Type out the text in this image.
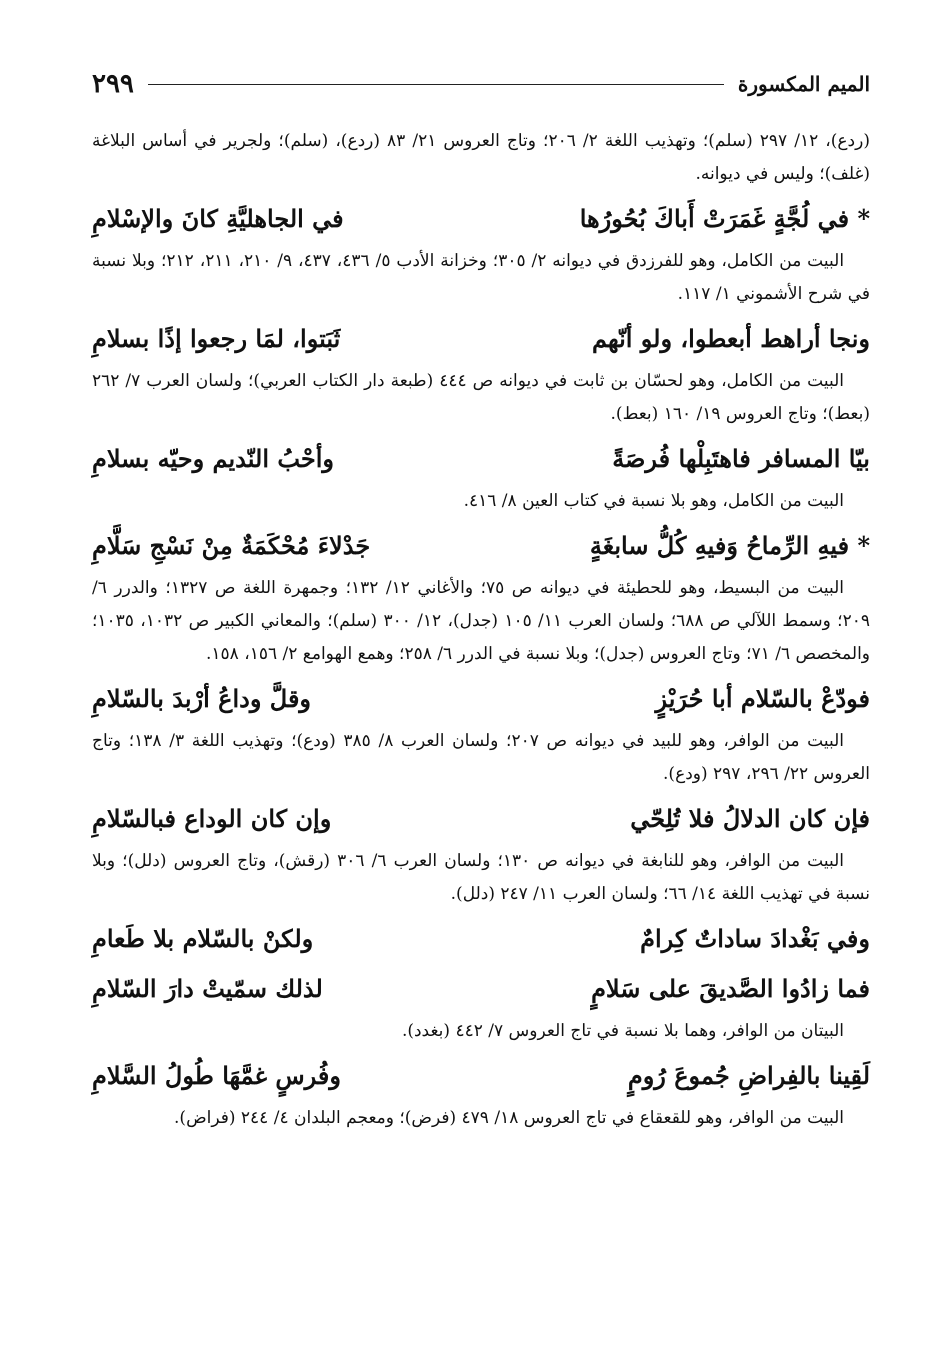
الميم المكسورة
٢٩٩

(ردع)، ١٢/ ٢٩٧ (سلم)؛ وتهذيب اللغة ٢/ ٢٠٦؛ وتاج العروس ٢١/ ٨٣ (ردع)، (سلم)؛ ولجرير في أساس البلاغة (غلف)؛ وليس في ديوانه.

* في لُجَّةٍ غَمَرَتْ أَباكَ بُحُورُها
في الجاهليَّةِ كانَ والإسْلامِ

البيت من الكامل، وهو للفرزدق في ديوانه ٢/ ٣٠٥؛ وخزانة الأدب ٥/ ٤٣٦، ٤٣٧، ٩/ ٢١٠، ٢١١، ٢١٢؛ وبلا نسبة في شرح الأشموني ١/ ١١٧.

ونجا أراهط أبعطوا، ولو أنّهم
ثَبَتوا، لمَا رجعوا إذًا بسلامِ

البيت من الكامل، وهو لحسّان بن ثابت في ديوانه ص ٤٤٤ (طبعة دار الكتاب العربي)؛ ولسان العرب ٧/ ٢٦٢ (بعط)؛ وتاج العروس ١٩/ ١٦٠ (بعط).

بيّا المسافر فاهتَبِلْها فُرصَةً
وأحْبُ النّديم وحيّه بسلامِ

البيت من الكامل، وهو بلا نسبة في كتاب العين ٨/ ٤١٦.

* فيهِ الرِّماحُ وَفيهِ كُلُّ سابغَةٍ
جَدْلاءَ مُحْكَمَةٌ مِنْ نَسْجِ سَلَّامِ

البيت من البسيط، وهو للحطيئة في ديوانه ص ٧٥؛ والأغاني ١٢/ ١٣٢؛ وجمهرة اللغة ص ١٣٢٧؛ والدرر ٦/ ٢٠٩؛ وسمط اللآلي ص ٦٨٨؛ ولسان العرب ١١/ ١٠٥ (جدل)، ١٢/ ٣٠٠ (سلم)؛ والمعاني الكبير ص ١٠٣٢، ١٠٣٥؛ والمخصص ٦/ ٧١؛ وتاج العروس (جدل)؛ وبلا نسبة في الدرر ٦/ ٢٥٨؛ وهمع الهوامع ٢/ ١٥٦، ١٥٨.

فودّعْ بالسّلام أبا حُرَيْزٍ
وقلَّ وداعُ أرْبدَ بالسّلامِ

البيت من الوافر، وهو للبيد في ديوانه ص ٢٠٧؛ ولسان العرب ٨/ ٣٨٥ (ودع)؛ وتهذيب اللغة ٣/ ١٣٨؛ وتاج العروس ٢٢/ ٢٩٦، ٢٩٧ (ودع).

فإن كان الدلالُ فلا تُلِحّي
وإن كان الوداع فبالسّلامِ

البيت من الوافر، وهو للنابغة في ديوانه ص ١٣٠؛ ولسان العرب ٦/ ٣٠٦ (رقش)، وتاج العروس (دلل)؛ وبلا نسبة في تهذيب اللغة ١٤/ ٦٦؛ ولسان العرب ١١/ ٢٤٧ (دلل).

وفي بَغْدادَ ساداتٌ كِرامٌ
ولكنْ بالسّلام بلا طَعامِ
فما زادُوا الصَّديقَ على سَلامٍ
لذلك سمّيتْ دارَ السّلامِ

البيتان من الوافر، وهما بلا نسبة في تاج العروس ٧/ ٤٤٢ (بغدد).

لَقِينا بالفِراضِ جُموعَ رُومٍ
وفُرسٍ غمَّهَا طُولُ السَّلامِ

البيت من الوافر، وهو للقعقاع في تاج العروس ١٨/ ٤٧٩ (فرض)؛ ومعجم البلدان ٤/ ٢٤٤ (فراض).
